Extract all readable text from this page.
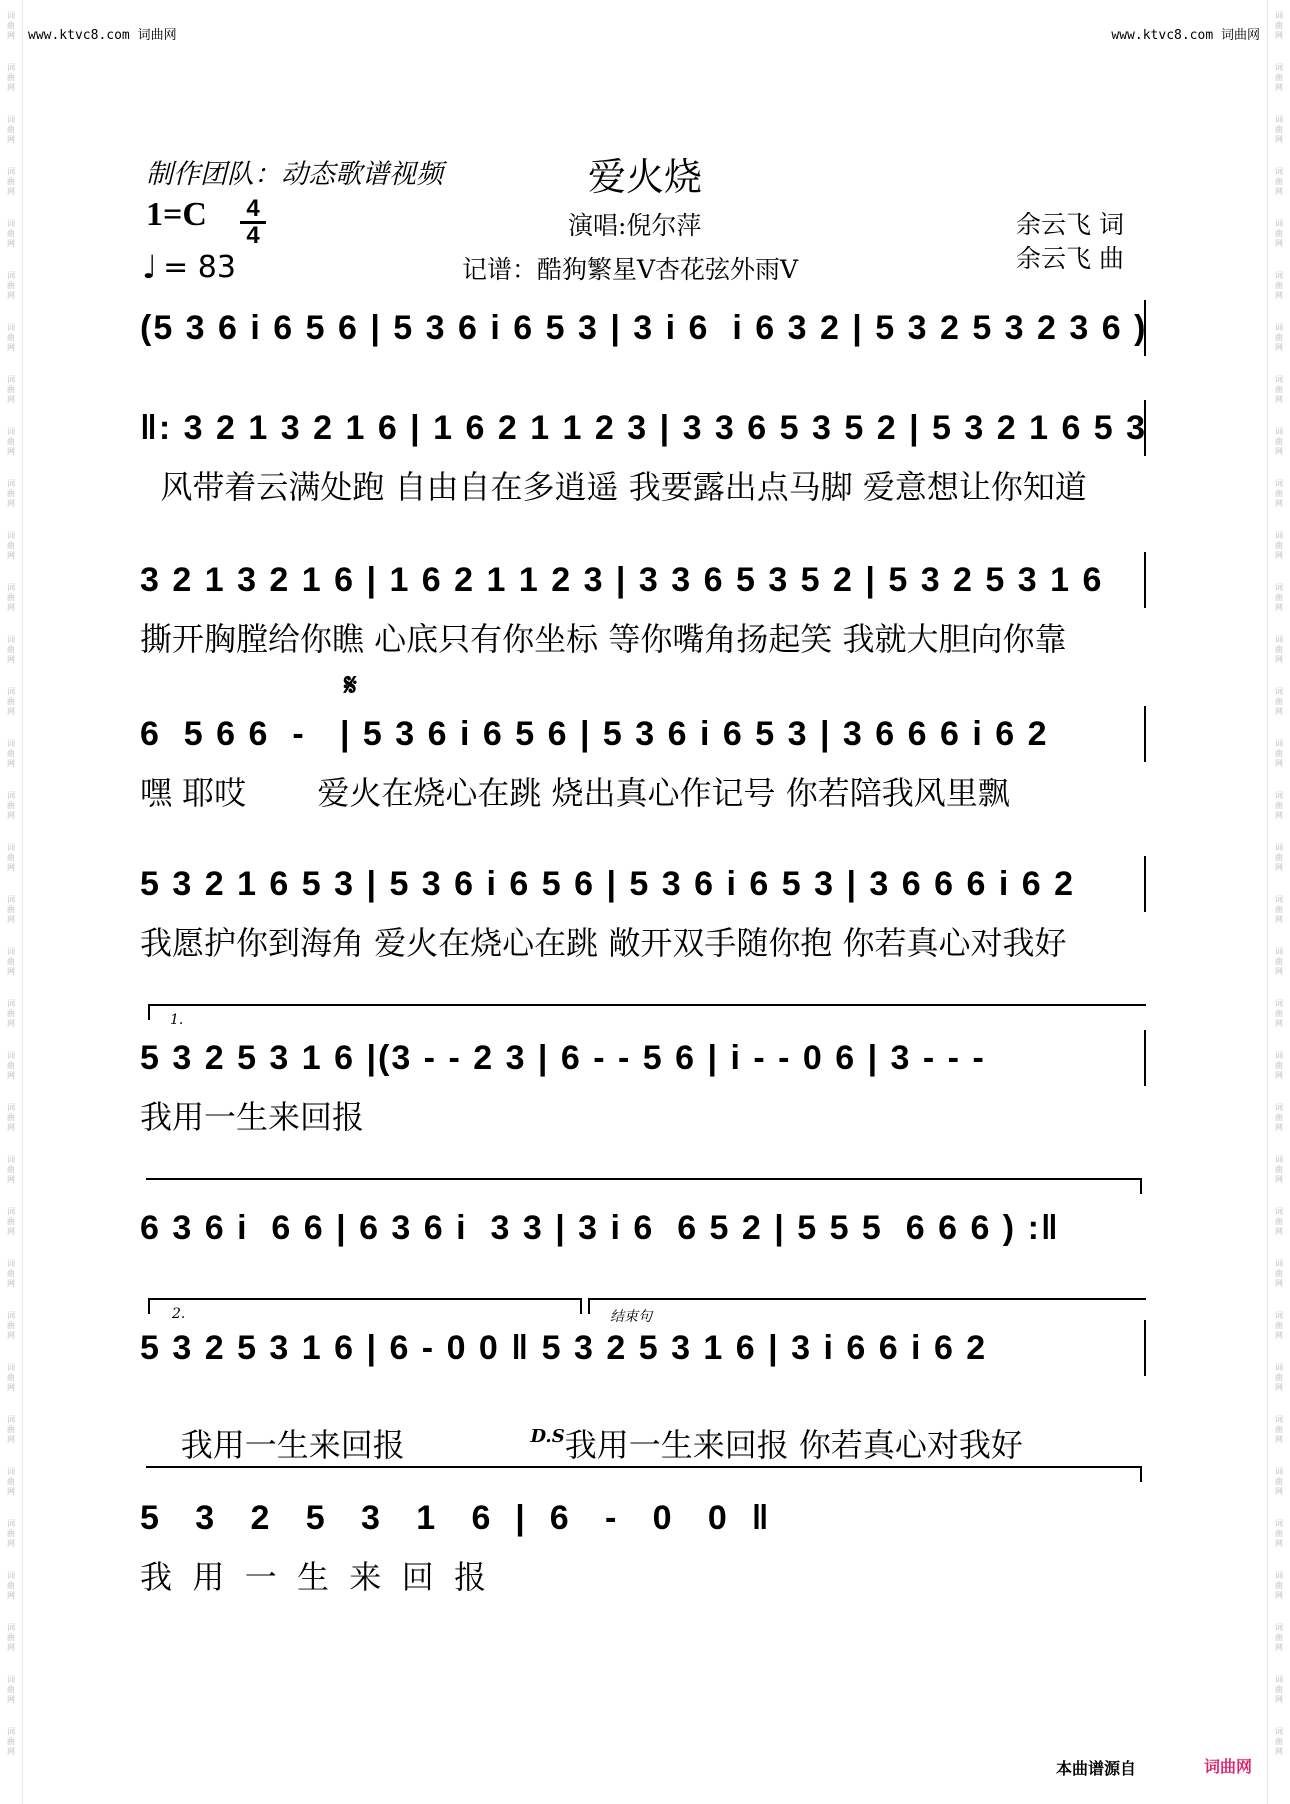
词
曲
网
词
曲
网
词
曲
网
词
曲
网
词
曲
网
词
曲
网
词
曲
网
词
曲
网
词
曲
网
词
曲
网
词
曲
网
词
曲
网
词
曲
网
词
曲
网
词
曲
网
词
曲
网
词
曲
网
词
曲
网
词
曲
网
词
曲
网
词
曲
网
词
曲
网
词
曲
网
词
曲
网
词
曲
网
词
曲
网
词
曲
网
词
曲
网
词
曲
网
词
曲
网
词
曲
网
词
曲
网
词
曲
网
词
曲
网
词
曲
网
词
曲
网
词
曲
网
词
曲
网
词
曲
网
词
曲
网
词
曲
网
词
曲
网
词
曲
网
词
曲
网
词
曲
网
词
曲
网
词
曲
网
词
曲
网
词
曲
网
词
曲
网
词
曲
网
词
曲
网
词
曲
网
词
曲
网
词
曲
网
词
曲
网
词
曲
网
词
曲
网
词
曲
网
词
曲
网
词
曲
网
词
曲
网
词
曲
网
词
曲
网
词
曲
网
词
曲
网
词
曲
网
词
曲
网
www.ktvc8.com 词曲网	www.ktvc8.com 词曲网
制作团队：动态歌谱视频	爱火烧
1=C 4
4
♩ = 83
演唱:倪尔萍
记谱：酷狗繁星V杏花弦外雨V
余云飞 词
余云飞 曲
(5 3 6 i 6 5 6 | 5 3 6 i 6 5 3 | 3 i 6  i 6 3 2 | 5 3 2 5 3 2 3 6 )
‖: 3 2 1 3 2 1 6 | 1 6 2 1 1 2 3 | 3 3 6 5 3 5 2 | 5 3 2 1 6 5 3
风带着云满处跑 自由自在多逍遥 我要露出点马脚 爱意想让你知道
3 2 1 3 2 1 6 | 1 6 2 1 1 2 3 | 3 3 6 5 3 5 2 | 5 3 2 5 3 1 6
撕开胸膛给你瞧 心底只有你坐标 等你嘴角扬起笑 我就大胆向你靠
𝄋
6  5 6 6  -   | 5 3 6 i 6 5 6 | 5 3 6 i 6 5 3 | 3 6 6 6 i 6 2
嘿 耶哎       爱火在烧心在跳 烧出真心作记号 你若陪我风里飘
5 3 2 1 6 5 3 | 5 3 6 i 6 5 6 | 5 3 6 i 6 5 3 | 3 6 6 6 i 6 2
我愿护你到海角 爱火在烧心在跳 敞开双手随你抱 你若真心对我好
1.
5 3 2 5 3 1 6 |(3 - - 2 3 | 6 - - 5 6 | i - - 0 6 | 3 - - -
我用一生来回报
6 3 6 i  6 6 | 6 3 6 i  3 3 | 3 i 6  6 5 2 | 5 5 5  6 6 6 ) :‖
2.	结束句
5 3 2 5 3 1 6 | 6 - 0 0 ‖ 5 3 2 5 3 1 6 | 3 i 6 6 i 6 2

我用一生来回报	$^{D.S}$我用一生来回报 你若真心对我好

5   3   2   5   3   1   6  |  6   -   0   0  ‖
我  用  一  生  来  回  报
本曲谱源自	词曲网
